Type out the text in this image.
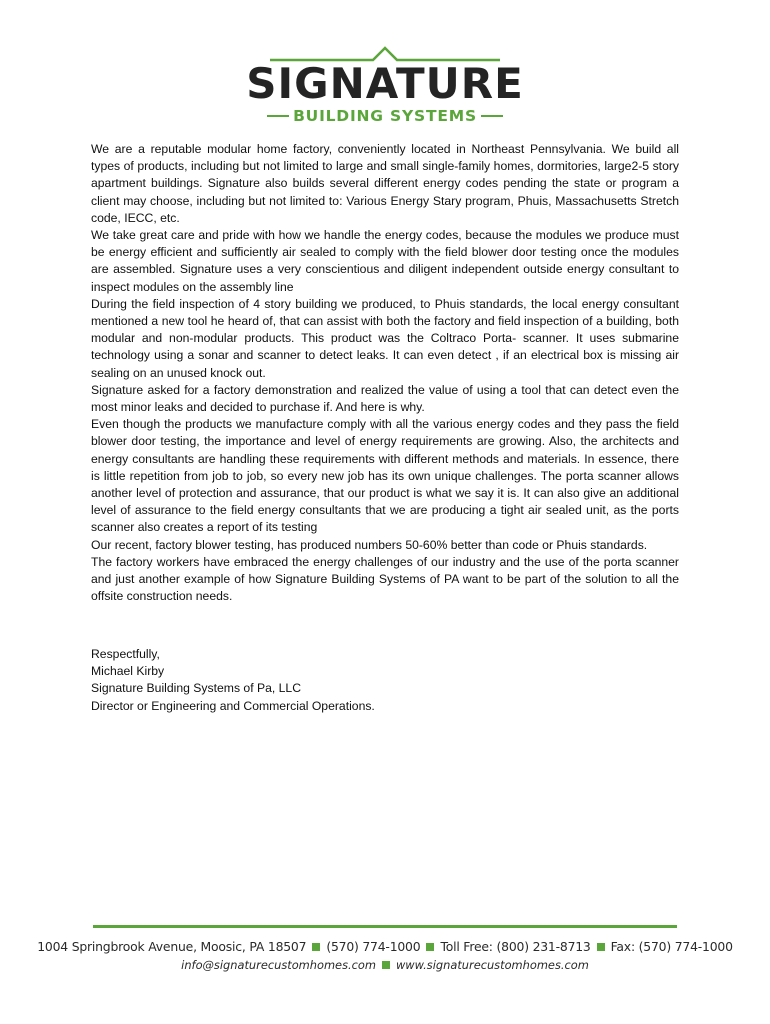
SIGNATURE
BUILDING SYSTEMS

We are a reputable modular home factory, conveniently located in Northeast Pennsylvania. We build all types of products, including but not limited to large and small single-family homes, dormitories, large2-5 story apartment buildings. Signature also builds several different energy codes pending the state or program a client may choose, including but not limited to: Various Energy Stary program, Phuis, Massachusetts Stretch code, IECC, etc.

We take great care and pride with how we handle the energy codes, because the modules we produce must be energy efficient and sufficiently air sealed to comply with the field blower door testing once the modules are assembled. Signature uses a very conscientious and diligent independent outside energy consultant to inspect modules on the assembly line

During the field inspection of 4 story building we produced, to Phuis standards, the local energy consultant mentioned a new tool he heard of, that can assist with both the factory and field inspection of a building, both modular and non-modular products. This product was the Coltraco Porta- scanner. It uses submarine technology using a sonar and scanner to detect leaks. It can even detect , if an electrical box is missing air sealing on an unused knock out.

Signature asked for a factory demonstration and realized the value of using a tool that can detect even the most minor leaks and decided to purchase if. And here is why.

Even though the products we manufacture comply with all the various energy codes and they pass the field blower door testing, the importance and level of energy requirements are growing. Also, the architects and energy consultants are handling these requirements with different methods and materials. In essence, there is little repetition from job to job, so every new job has its own unique challenges. The porta scanner allows another level of protection and assurance, that our product is what we say it is. It can also give an additional level of assurance to the field energy consultants that we are producing a tight air sealed unit, as the ports scanner also creates a report of its testing

Our recent, factory blower testing, has produced numbers 50-60% better than code or Phuis standards.

The factory workers have embraced the energy challenges of our industry and the use of the porta scanner and just another example of how Signature Building Systems of PA want to be part of the solution to all the offsite construction needs.

Respectfully,

Michael Kirby

Signature Building Systems of Pa, LLC

Director or Engineering and Commercial Operations.

1004 Springbrook Avenue, Moosic, PA 18507 (570) 774-1000 Toll Free: (800) 231-8713 Fax: (570) 774-1000
info@signaturecustomhomes.com www.signaturecustomhomes.com
